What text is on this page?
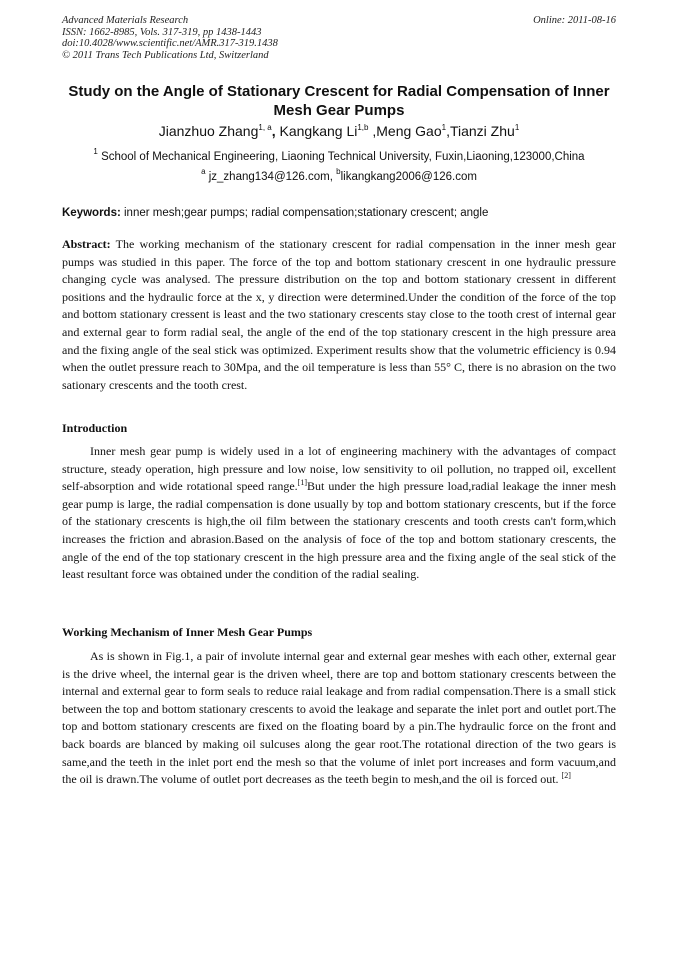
Advanced Materials Research
ISSN: 1662-8985, Vols. 317-319, pp 1438-1443
doi:10.4028/www.scientific.net/AMR.317-319.1438
© 2011 Trans Tech Publications Ltd, Switzerland
Online: 2011-08-16
Study on the Angle of Stationary Crescent for Radial Compensation of Inner Mesh Gear Pumps
Jianzhuo Zhang$^{1, a}$, Kangkang Li$^{1,b}$ ,Meng Gao$^1$,Tianzi Zhu$^1$
$^1$ School of Mechanical Engineering, Liaoning Technical University, Fuxin,Liaoning,123000,China
$^a$ jz_zhang134@126.com, $^b$likangkang2006@126.com
Keywords: inner mesh;gear pumps; radial compensation;stationary crescent; angle
Abstract: The working mechanism of the stationary crescent for radial compensation in the inner mesh gear pumps was studied in this paper. The force of the top and bottom stationary crescent in one hydraulic pressure changing cycle was analysed. The pressure distribution on the top and bottom stationary cressent in different positions and the hydraulic force at the x, y direction were determined.Under the condition of the force of the top and bottom stationary cressent is least and the two stationary crescents stay close to the tooth crest of internal gear and external gear to form radial seal, the angle of the end of the top stationary crescent in the high pressure area and the fixing angle of the seal stick was optimized. Experiment results show that the volumetric efficiency is 0.94 when the outlet pressure reach to 30Mpa, and the oil temperature is less than 55° C, there is no abrasion on the two sationary crescents and the tooth crest.
Introduction
Inner mesh gear pump is widely used in a lot of engineering machinery with the advantages of compact structure, steady operation, high pressure and low noise, low sensitivity to oil pollution, no trapped oil, excellent self-absorption and wide rotational speed range.[1]But under the high pressure load,radial leakage the inner mesh gear pump is large, the radial compensation is done usually by top and bottom stationary crescents, but if the force of the stationary crescents is high,the oil film between the stationary crescents and tooth crests can't form,which increases the friction and abrasion.Based on the analysis of foce of the top and bottom stationary crescents, the angle of the end of the top stationary crescent in the high pressure area and the fixing angle of the seal stick of the least resultant force was obtained under the condition of the radial sealing.
Working Mechanism of Inner Mesh Gear Pumps
As is shown in Fig.1, a pair of involute internal gear and external gear meshes with each other, external gear is the drive wheel, the internal gear is the driven wheel, there are top and bottom stationary crescents between the internal and external gear to form seals to reduce raial leakage and from radial compensation.There is a small stick between the top and bottom stationary crescents to avoid the leakage and separate the inlet port and outlet port.The top and bottom stationary crescents are fixed on the floating board by a pin.The hydraulic force on the front and back boards are blanced by making oil sulcuses along the gear root.The rotational direction of the two gears is same,and the teeth in the inlet port end the mesh so that the volume of inlet port increases and form vacuum,and the oil is drawn.The volume of outlet port decreases as the teeth begin to mesh,and the oil is forced out. [2]
